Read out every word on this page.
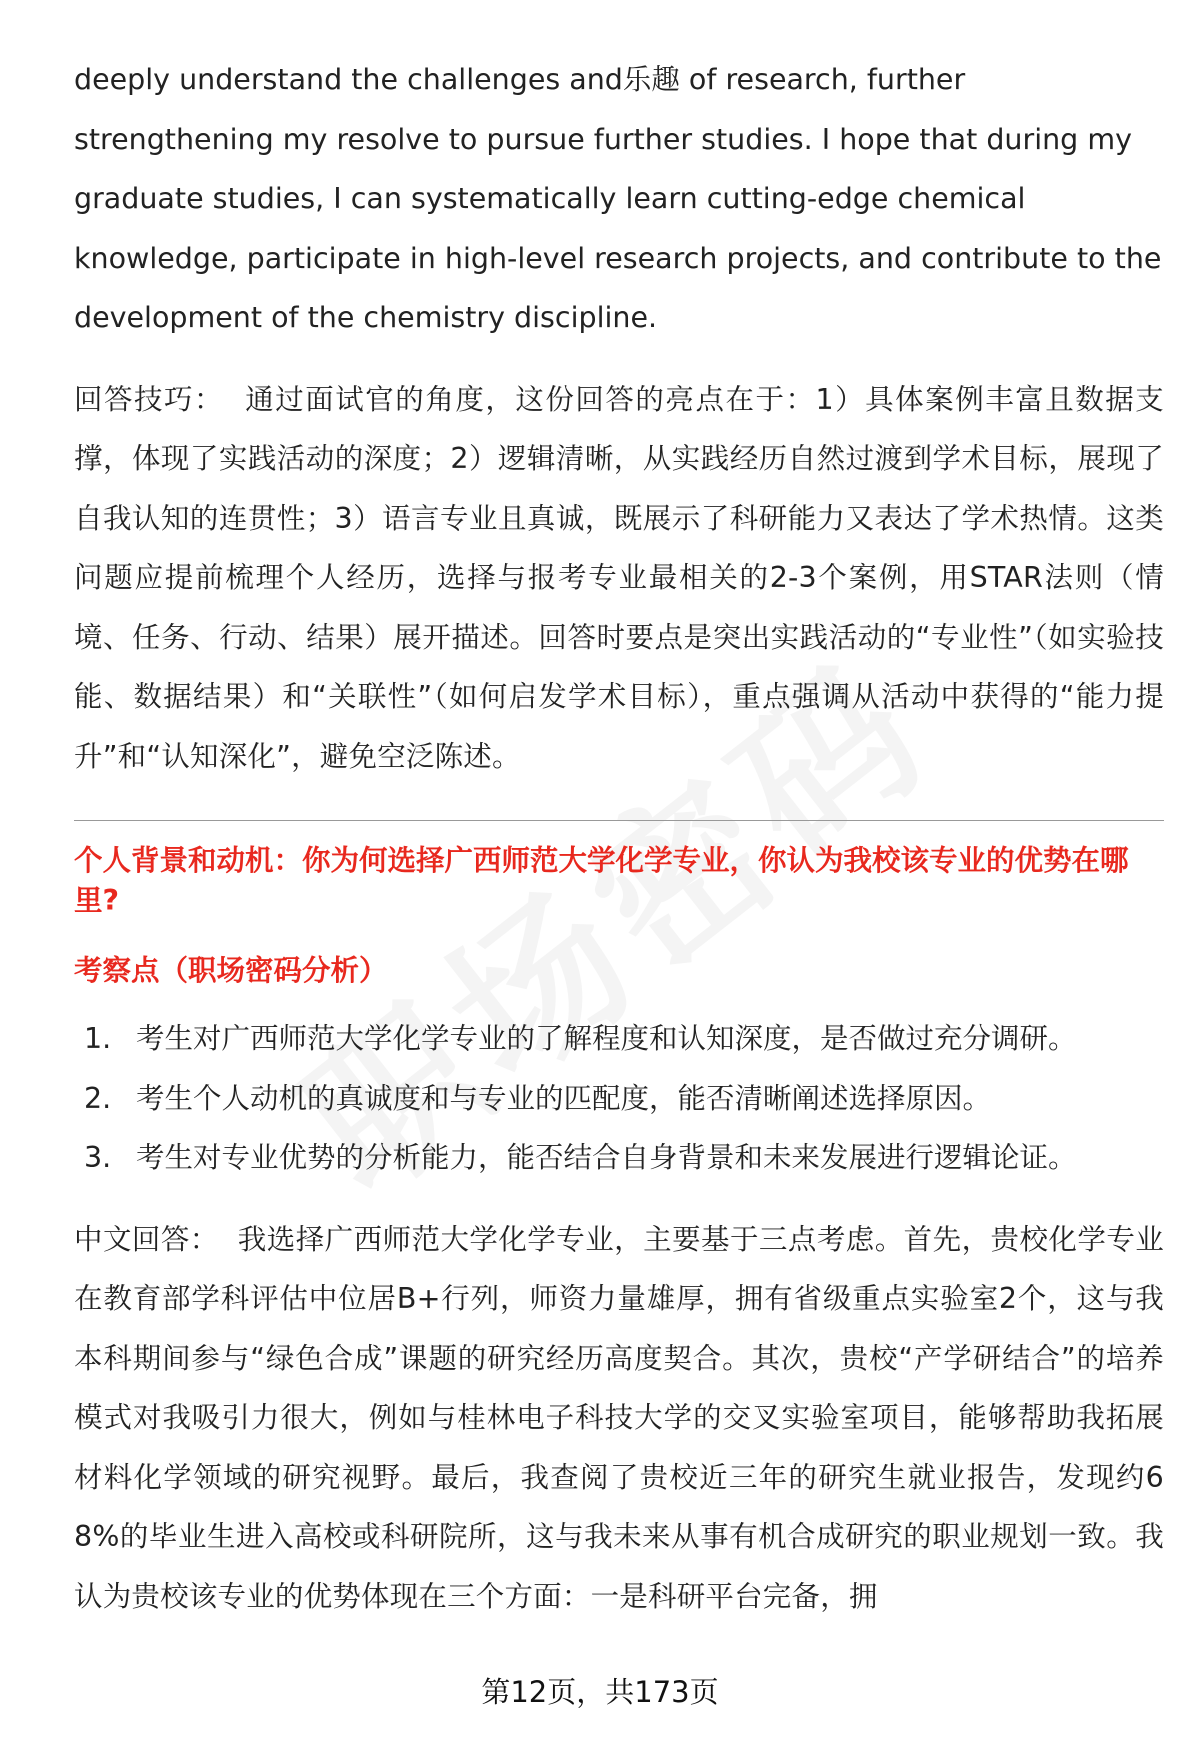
deeply understand the challenges and乐趣 of research, further strengthening my resolve to pursue further studies. I hope that during my graduate studies, I can systematically learn cutting-edge chemical knowledge, participate in high-level research projects, and contribute to the development of the chemistry discipline.

回答技巧： 通过面试官的角度，这份回答的亮点在于：1）具体案例丰富且数据支撑，体现了实践活动的深度；2）逻辑清晰，从实践经历自然过渡到学术目标，展现了自我认知的连贯性；3）语言专业且真诚，既展示了科研能力又表达了学术热情。这类问题应提前梳理个人经历，选择与报考专业最相关的2-3个案例，用STAR法则（情境、任务、行动、结果）展开描述。回答时要点是突出实践活动的“专业性”（如实验技能、数据结果）和“关联性”（如何启发学术目标），重点强调从活动中获得的“能力提升”和“认知深化”，避免空泛陈述。

个人背景和动机：你为何选择广西师范大学化学专业，你认为我校该专业的优势在哪里?

考察点（职场密码分析）

1. 考生对广西师范大学化学专业的了解程度和认知深度，是否做过充分调研。
2. 考生个人动机的真诚度和与专业的匹配度，能否清晰阐述选择原因。
3. 考生对专业优势的分析能力，能否结合自身背景和未来发展进行逻辑论证。

中文回答： 我选择广西师范大学化学专业，主要基于三点考虑。首先，贵校化学专业在教育部学科评估中位居B+行列，师资力量雄厚，拥有省级重点实验室2个，这与我本科期间参与“绿色合成”课题的研究经历高度契合。其次，贵校“产学研结合”的培养模式对我吸引力很大，例如与桂林电子科技大学的交叉实验室项目，能够帮助我拓展材料化学领域的研究视野。最后，我查阅了贵校近三年的研究生就业报告，发现约68%的毕业生进入高校或科研院所，这与我未来从事有机合成研究的职业规划一致。我认为贵校该专业的优势体现在三个方面：一是科研平台完备，拥

第12页，共173页
